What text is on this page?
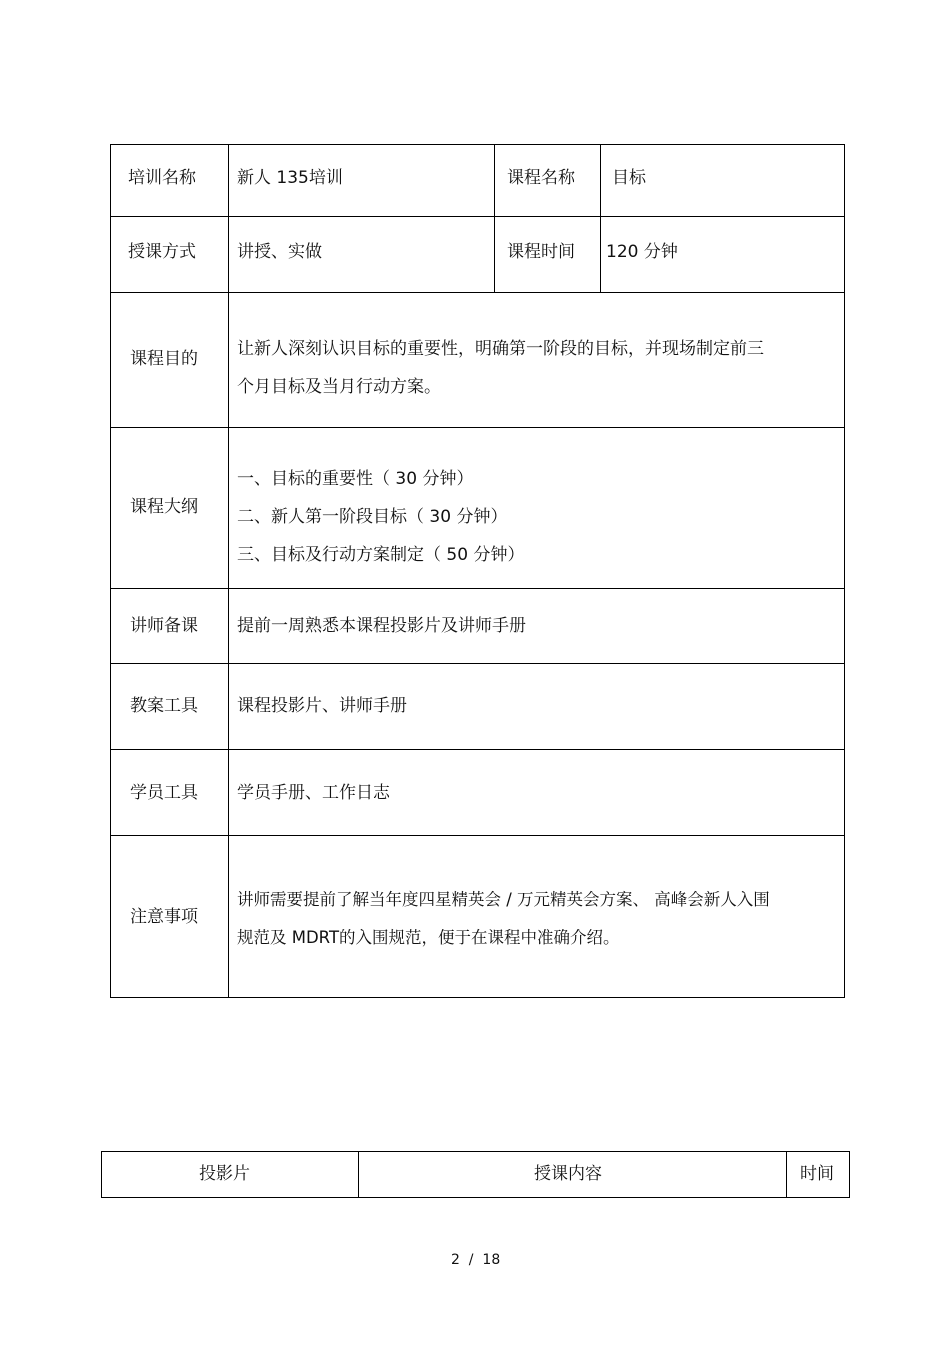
培训名称 新人 135培训	课程名称 目标
授课方式 讲授、实做	课程时间 120 分钟
课程目的 让新人深刻认识目标的重要性，明确第一阶段的目标，并现场制定前三
个月目标及当月行动方案。
课程大纲
一、目标的重要性（ 30 分钟）
二、新人第一阶段目标（ 30 分钟）
三、目标及行动方案制定（ 50 分钟）
讲师备课 提前一周熟悉本课程投影片及讲师手册
教案工具 课程投影片、讲师手册
学员工具 学员手册、工作日志
注意事项
讲师需要提前了解当年度四星精英会 / 万元精英会方案、 高峰会新人入围
规范及 MDRT的入围规范，便于在课程中准确介绍。
投影片	授课内容	时间
2  /  18
